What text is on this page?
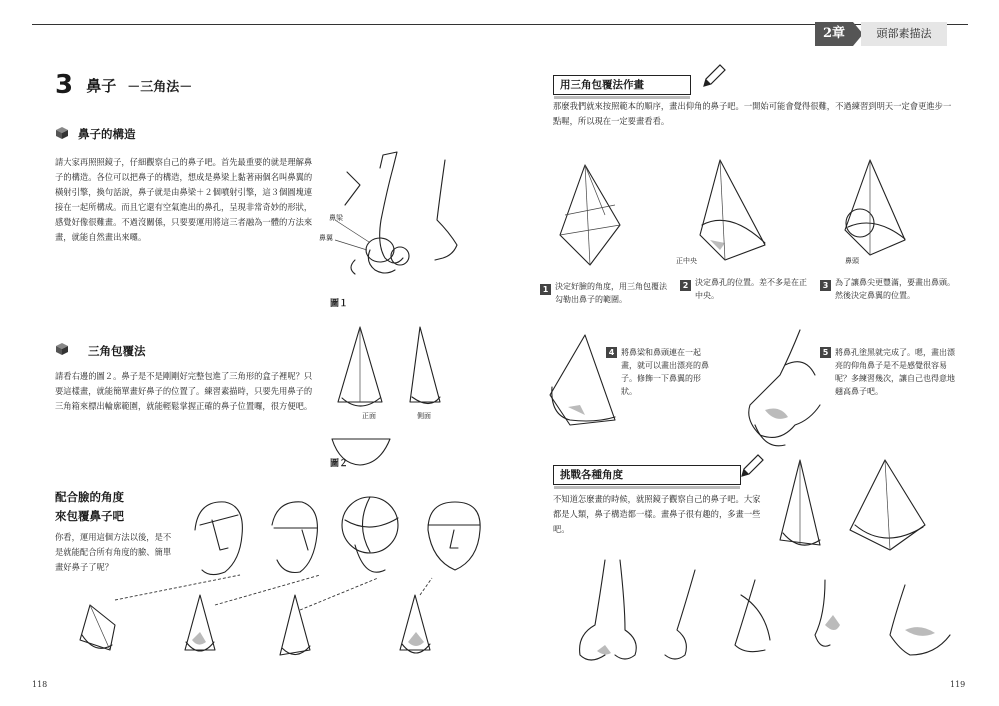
2章	頭部素描法
3 鼻子 －三角法－
鼻子的構造
請大家再照照鏡子，仔細觀察自己的鼻子吧。首先最重要的就是理解鼻子的構造。各位可以把鼻子的構造，想成是鼻梁上黏著兩個名叫鼻翼的橫射引擎，換句話說，鼻子就是由鼻梁＋２個噴射引擎，這３個圓塊連接在一起所構成。而且它還有空氣進出的鼻孔，呈現非常奇妙的形狀，感覺好像很難畫。不過沒關係，只要要運用將這三者融為一體的方法來畫，就能自然畫出來囉。
鼻梁
鼻翼
圖１
三角包覆法
請看右邊的圖２。鼻子是不是剛剛好完整包進了三角形的盒子裡呢？只要這樣畫，就能簡單畫好鼻子的位置了。練習素描時，只要先用鼻子的三角箱來標出輪廓範圍，就能輕鬆掌握正確的鼻子位置囉，很方便吧。
正面	側面
圖２
配合臉的角度
來包覆鼻子吧
你看，運用這個方法以後，是不是就能配合所有角度的臉、簡單畫好鼻子了呢？
118
用三角包覆法作畫
那麼我們就來按照範本的順序，畫出仰角的鼻子吧。一開始可能會覺得很難，不過練習到明天一定會更進步一點喔，所以現在一定要畫看看。
正中央	鼻頭
1 決定好臉的角度，用三角包覆法勾勒出鼻子的範圍。
2 決定鼻孔的位置。差不多是在正中央。
3 為了讓鼻尖更豐滿，要畫出鼻頭。然後決定鼻翼的位置。
4 將鼻梁和鼻頭連在一起畫，就可以畫出漂亮的鼻子。修飾一下鼻翼的形狀。
5 將鼻孔塗黑就完成了。嗯，畫出漂亮的仰角鼻子是不是感覺很容易呢？多練習幾次，讓自己也得意地翹高鼻子吧。
挑戰各種角度
不知道怎麼畫的時候，就照鏡子觀察自己的鼻子吧。大家都是人類，鼻子構造都一樣。畫鼻子很有趣的，多畫一些吧。
119
